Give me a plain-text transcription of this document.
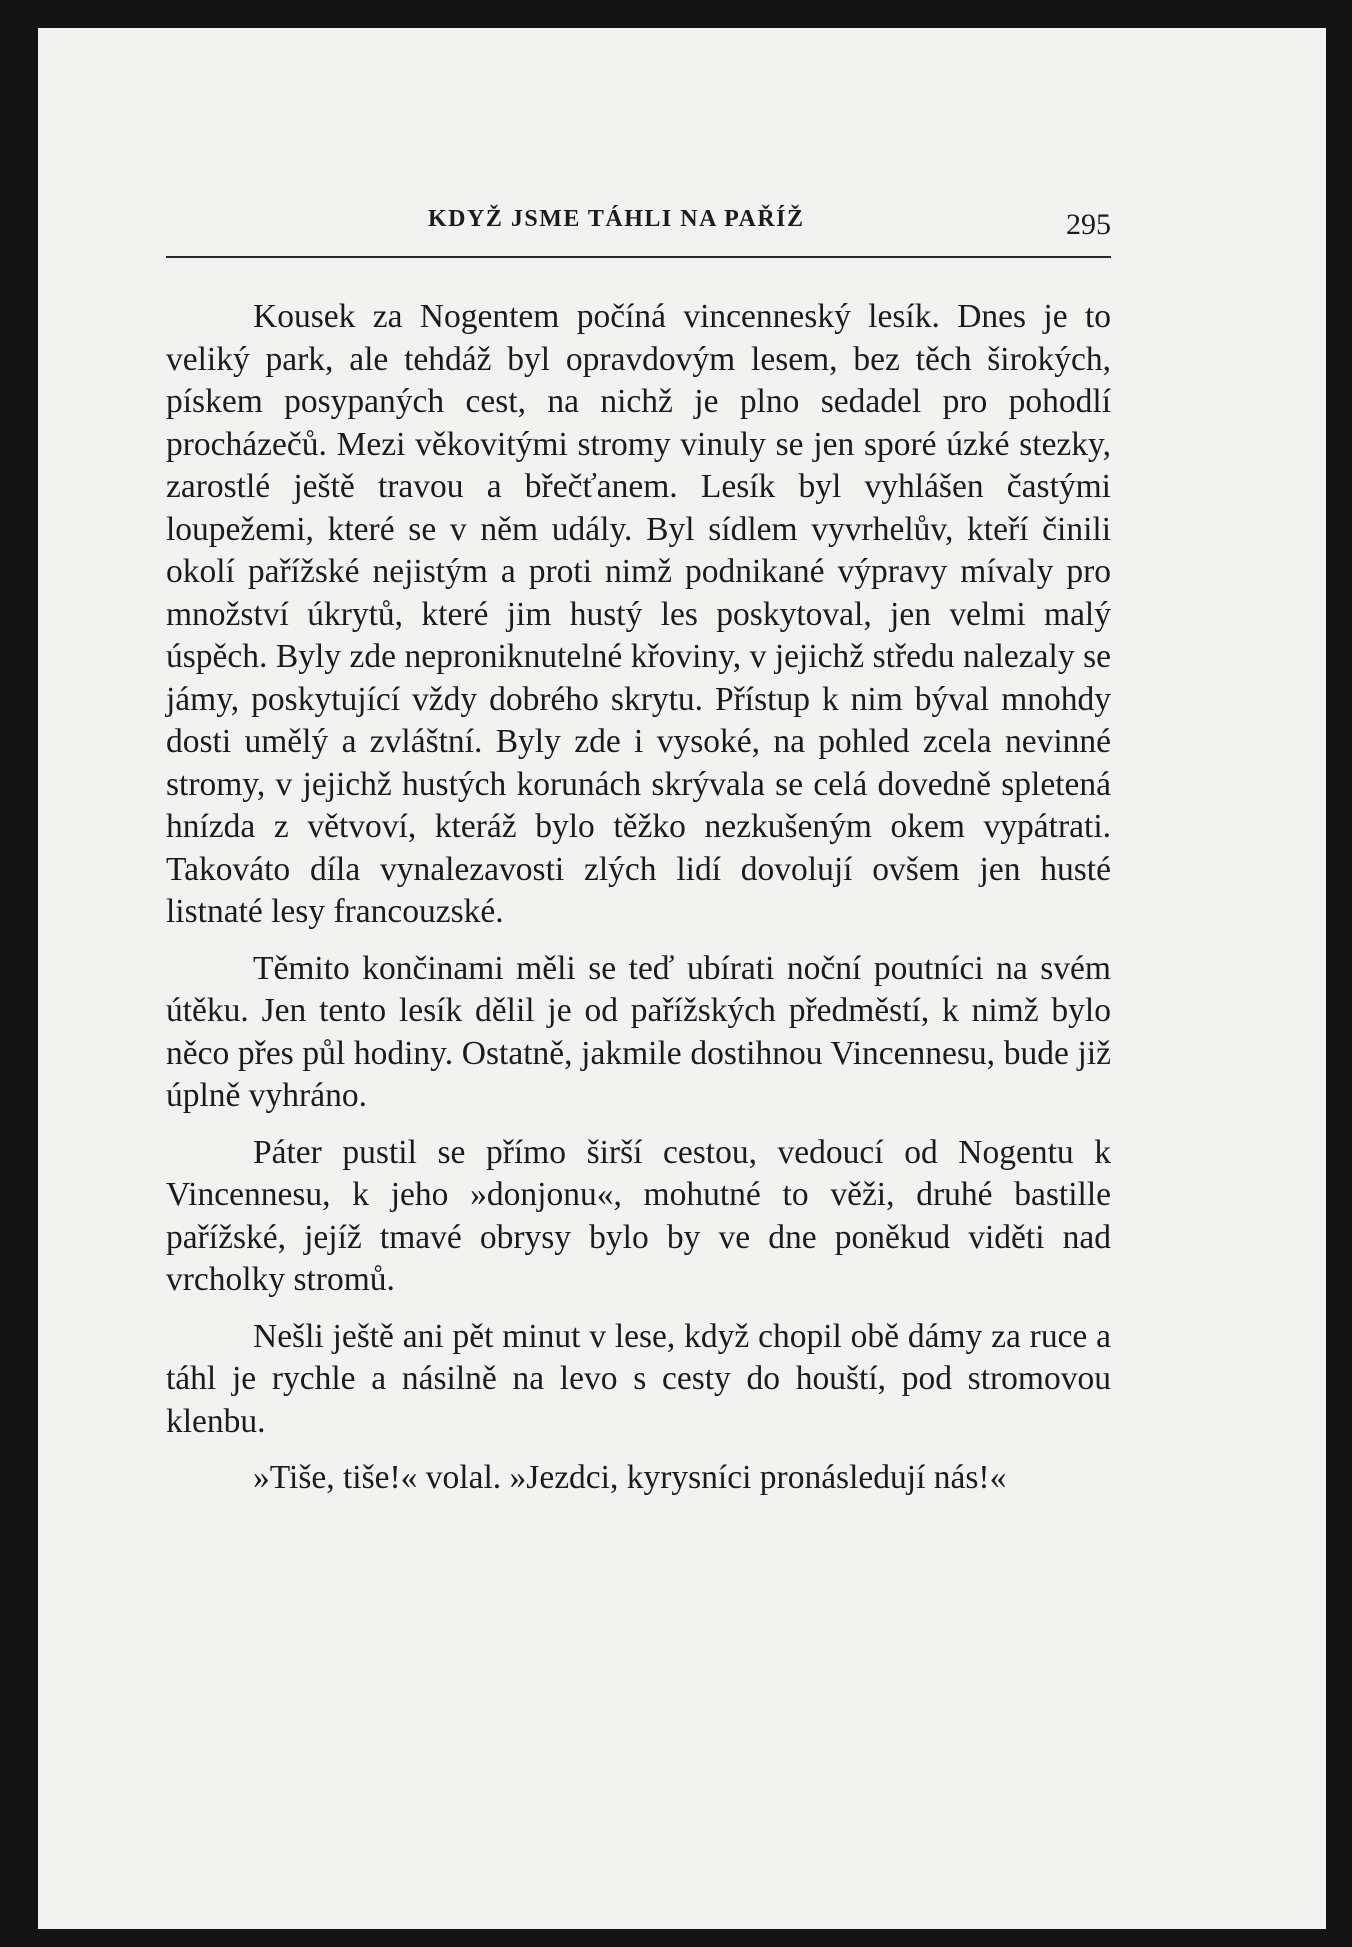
KDYŽ JSME TÁHLI NA PAŘÍŽ	295

Kousek za Nogentem počíná vincenneský lesík. Dnes je to veliký park, ale tehdáž byl opravdovým lesem, bez těch širokých, pískem posypaných cest, na nichž je plno sedadel pro pohodlí procházečů. Mezi věkovitými stromy vinuly se jen sporé úzké stezky, zarostlé ještě travou a břečťanem. Lesík byl vyhlášen častými loupežemi, které se v něm udály. Byl sídlem vyvrhelův, kteří činili okolí pařížské nejistým a proti nimž podnikané výpravy mívaly pro množství úkrytů, které jim hustý les poskytoval, jen velmi malý úspěch. Byly zde neproniknutelné křoviny, v jejichž středu nalezaly se jámy, poskytující vždy dobrého skrytu. Přístup k nim býval mnohdy dosti umělý a zvláštní. Byly zde i vysoké, na pohled zcela nevinné stromy, v jejichž hustých korunách skrývala se celá dovedně spletená hnízda z větvoví, kteráž bylo těžko nezkušeným okem vypátrati. Takováto díla vynalezavosti zlých lidí dovolují ovšem jen husté listnaté lesy francouzské.

Těmito končinami měli se teď ubírati noční poutníci na svém útěku. Jen tento lesík dělil je od pařížských předměstí, k nimž bylo něco přes půl hodiny. Ostatně, jakmile dostihnou Vincennesu, bude již úplně vyhráno.

Páter pustil se přímo širší cestou, vedoucí od Nogentu k Vincennesu, k jeho »donjonu«, mohutné to věži, druhé bastille pařížské, jejíž tmavé obrysy bylo by ve dne poněkud viděti nad vrcholky stromů.

Nešli ještě ani pět minut v lese, když chopil obě dámy za ruce a táhl je rychle a násilně na levo s cesty do houští, pod stromovou klenbu.

»Tiše, tiše!« volal. »Jezdci, kyrysníci pronásledují nás!«
